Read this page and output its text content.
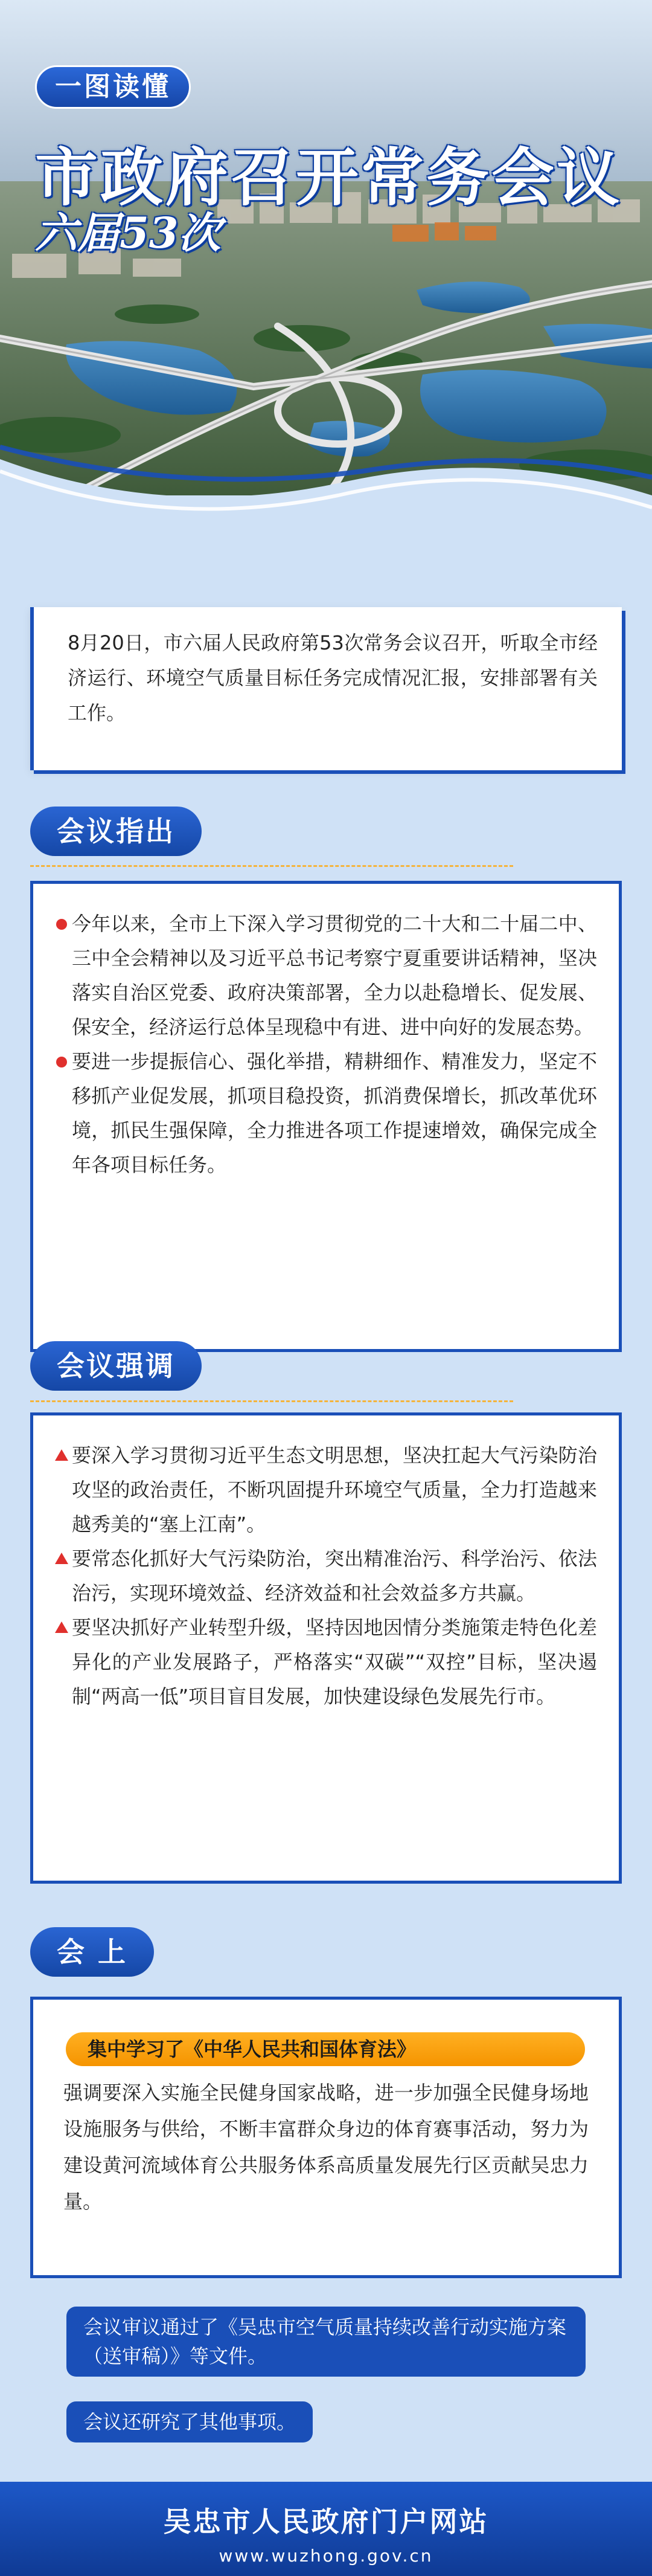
一图读懂
市政府召开常务会议
六届53次

8月20日，市六届人民政府第53次常务会议召开，听取全市经济运行、环境空气质量目标任务完成情况汇报，安排部署有关工作。

会议指出
今年以来，全市上下深入学习贯彻党的二十大和二十届二中、三中全会精神以及习近平总书记考察宁夏重要讲话精神，坚决落实自治区党委、政府决策部署，全力以赴稳增长、促发展、保安全，经济运行总体呈现稳中有进、进中向好的发展态势。
要进一步提振信心、强化举措，精耕细作、精准发力，坚定不移抓产业促发展，抓项目稳投资，抓消费保增长，抓改革优环境，抓民生强保障，全力推进各项工作提速增效，确保完成全年各项目标任务。
会议强调
要深入学习贯彻习近平生态文明思想，坚决扛起大气污染防治攻坚的政治责任，不断巩固提升环境空气质量，全力打造越来越秀美的“塞上江南”。
要常态化抓好大气污染防治，突出精准治污、科学治污、依法治污，实现环境效益、经济效益和社会效益多方共赢。
要坚决抓好产业转型升级，坚持因地因情分类施策走特色化差异化的产业发展路子，严格落实“双碳”“双控”目标，坚决遏制“两高一低”项目盲目发展，加快建设绿色发展先行市。
会 上
集中学习了《中华人民共和国体育法》
强调要深入实施全民健身国家战略，进一步加强全民健身场地设施服务与供给，不断丰富群众身边的体育赛事活动，努力为建设黄河流域体育公共服务体系高质量发展先行区贡献吴忠力量。
会议审议通过了《吴忠市空气质量持续改善行动实施方案（送审稿）》等文件。
会议还研究了其他事项。
吴忠市人民政府门户网站
www.wuzhong.gov.cn
